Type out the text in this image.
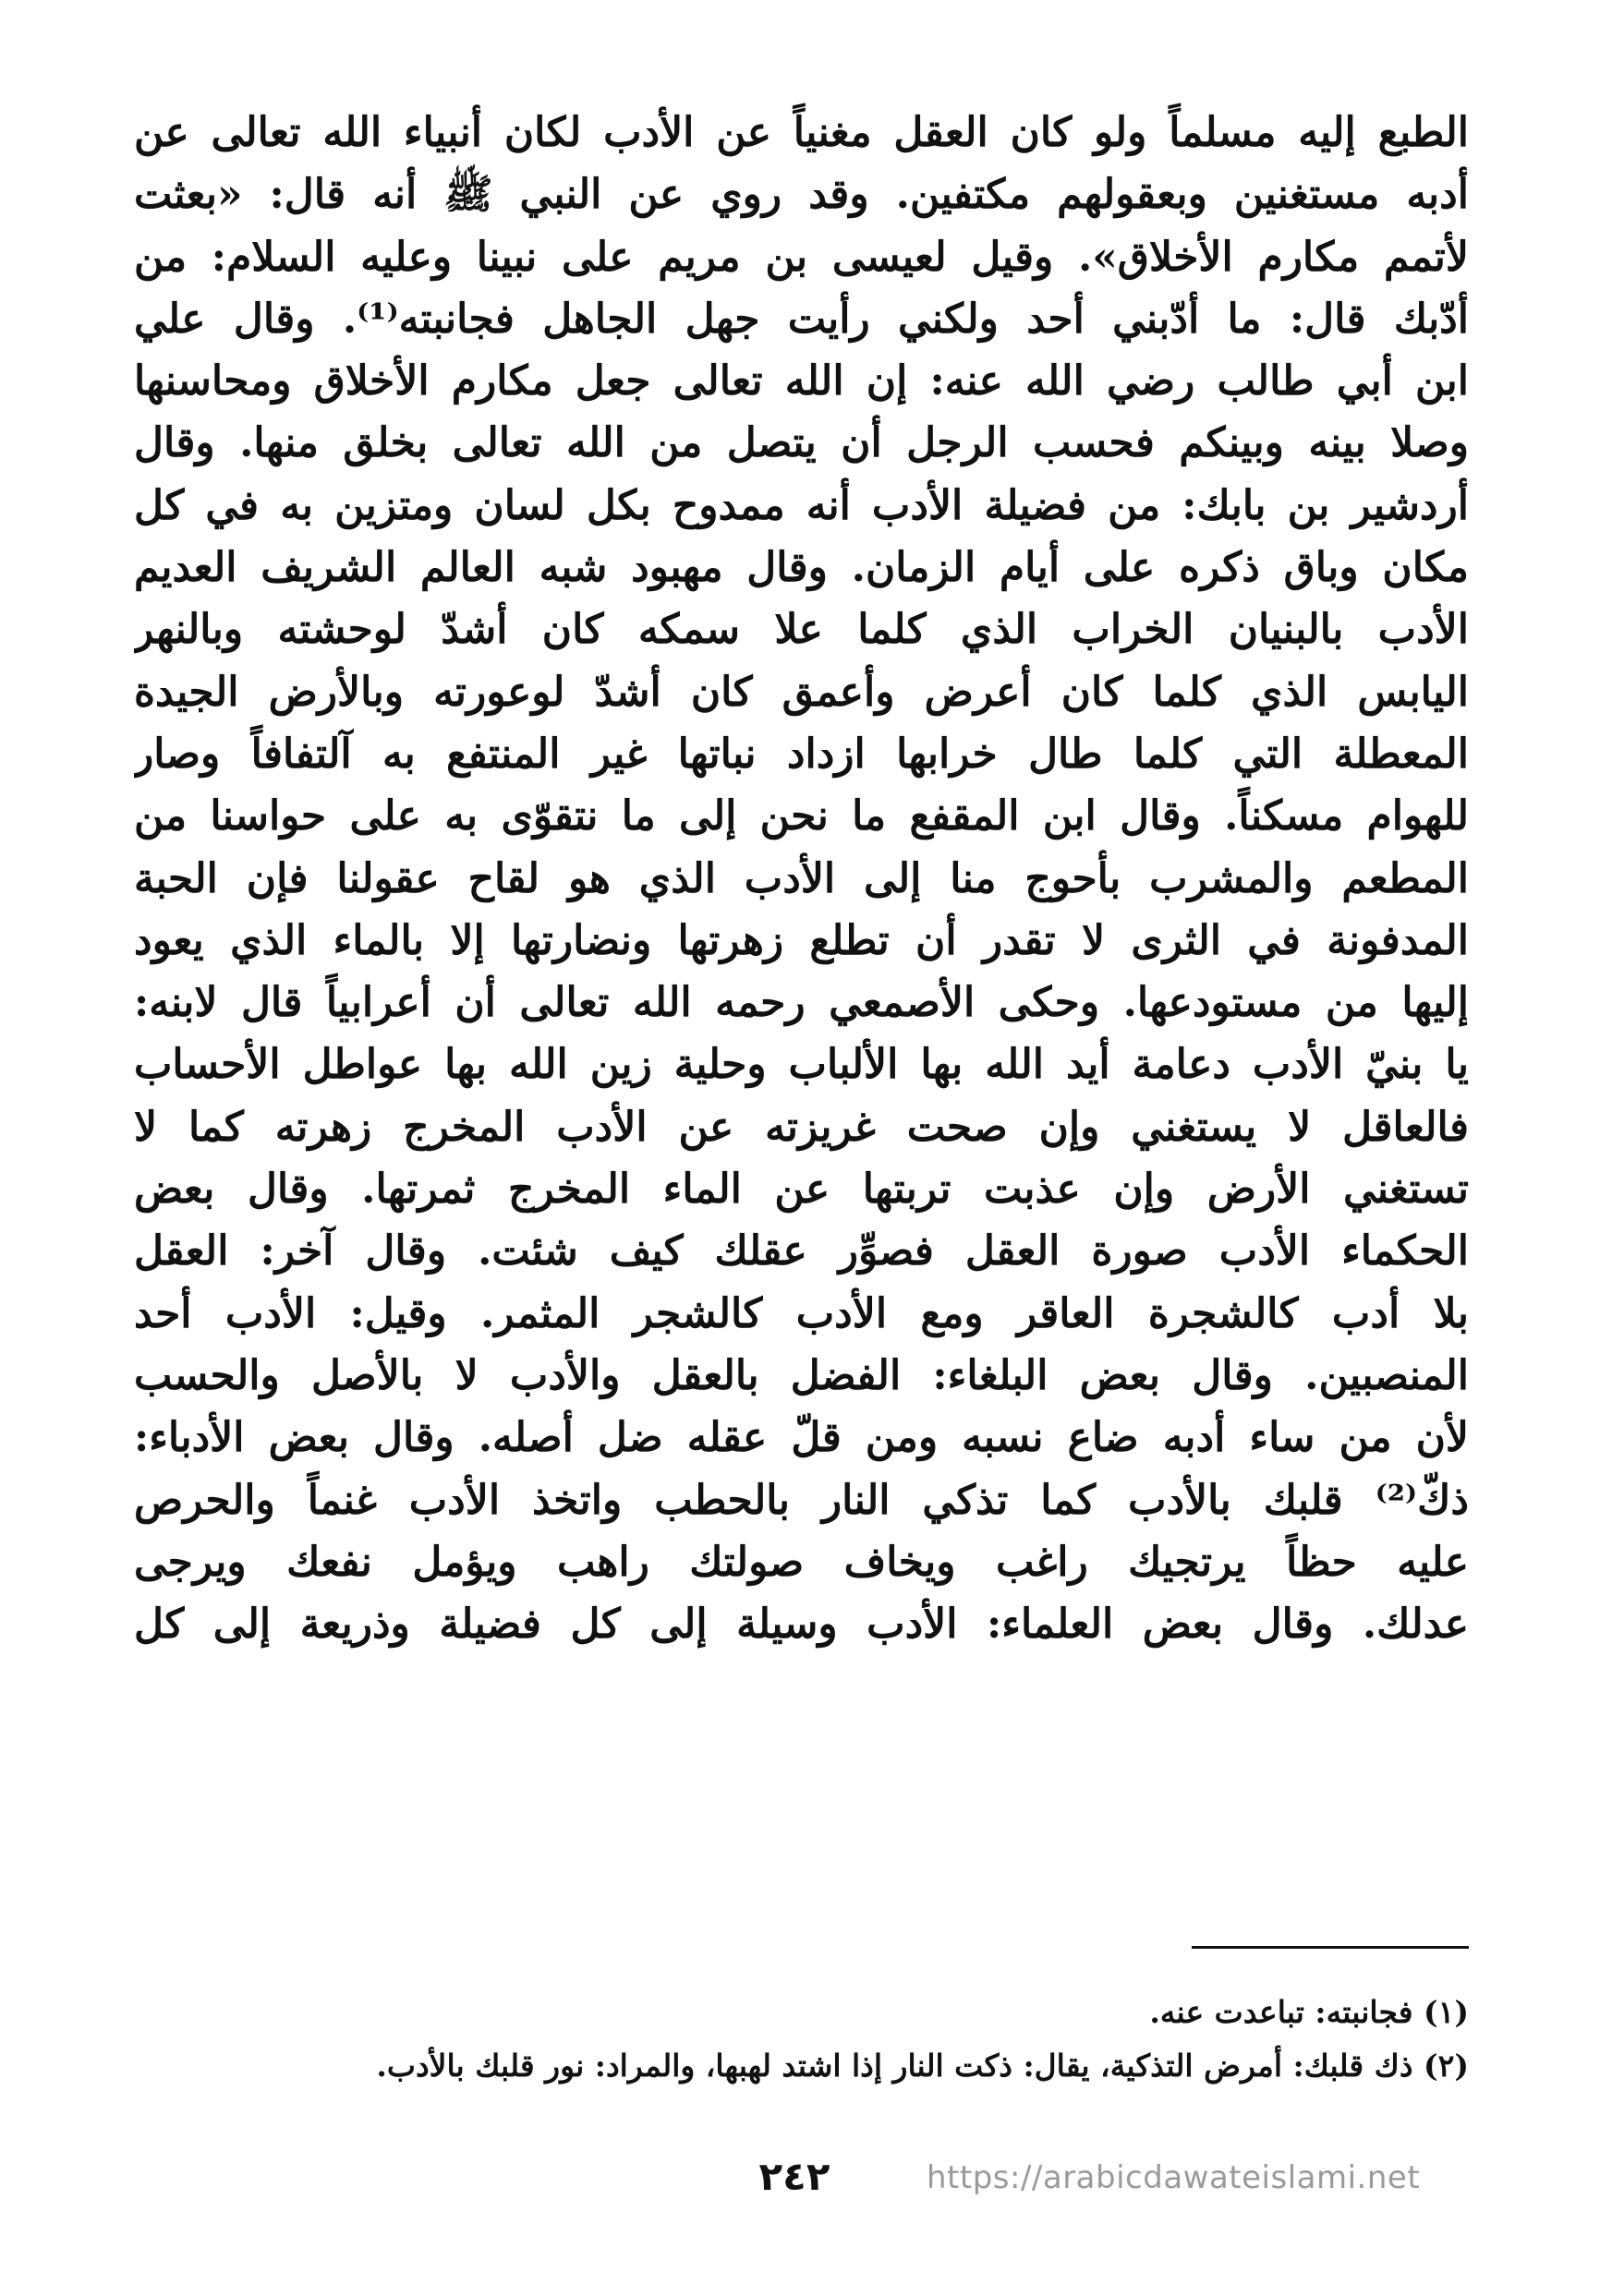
الطبع إليه مسلماً ولو كان العقل مغنياً عن الأدب لكان أنبياء الله تعالى عن
أدبه مستغنين وبعقولهم مكتفين. وقد روي عن النبي ﷺ أنه قال: «بعثت
لأتمم مكارم الأخلاق». وقيل لعيسى بن مريم على نبينا وعليه السلام: من
أدّبك قال: ما أدّبني أحد ولكني رأيت جهل الجاهل فجانبته⁽¹⁾. وقال علي
ابن أبي طالب رضي الله عنه: إن الله تعالى جعل مكارم الأخلاق ومحاسنها
وصلا بينه وبينكم فحسب الرجل أن يتصل من الله تعالى بخلق منها. وقال
أردشير بن بابك: من فضيلة الأدب أنه ممدوح بكل لسان ومتزين به في كل
مكان وباق ذكره على أيام الزمان. وقال مهبود شبه العالم الشريف العديم
الأدب بالبنيان الخراب الذي كلما علا سمكه كان أشدّ لوحشته وبالنهر
اليابس الذي كلما كان أعرض وأعمق كان أشدّ لوعورته وبالأرض الجيدة
المعطلة التي كلما طال خرابها ازداد نباتها غير المنتفع به آلتفافاً وصار
للهوام مسكناً. وقال ابن المقفع ما نحن إلى ما نتقوّى به على حواسنا من
المطعم والمشرب بأحوج منا إلى الأدب الذي هو لقاح عقولنا فإن الحبة
المدفونة في الثرى لا تقدر أن تطلع زهرتها ونضارتها إلا بالماء الذي يعود
إليها من مستودعها. وحكى الأصمعي رحمه الله تعالى أن أعرابياً قال لابنه:
يا بنيّ الأدب دعامة أيد الله بها الألباب وحلية زين الله بها عواطل الأحساب
فالعاقل لا يستغني وإن صحت غريزته عن الأدب المخرج زهرته كما لا
تستغني الأرض وإن عذبت تربتها عن الماء المخرج ثمرتها. وقال بعض
الحكماء الأدب صورة العقل فصوِّر عقلك كيف شئت. وقال آخر: العقل
بلا أدب كالشجرة العاقر ومع الأدب كالشجر المثمر. وقيل: الأدب أحد
المنصبين. وقال بعض البلغاء: الفضل بالعقل والأدب لا بالأصل والحسب
لأن من ساء أدبه ضاع نسبه ومن قلّ عقله ضل أصله. وقال بعض الأدباء:
ذكّ⁽²⁾ قلبك بالأدب كما تذكي النار بالحطب واتخذ الأدب غنماً والحرص
عليه حظاً يرتجيك راغب ويخاف صولتك راهب ويؤمل نفعك ويرجى
عدلك. وقال بعض العلماء: الأدب وسيلة إلى كل فضيلة وذريعة إلى كل
(١) فجانبته: تباعدت عنه.
(٢) ذك قلبك: أمرض التذكية، يقال: ذكت النار إذا اشتد لهبها، والمراد: نور قلبك بالأدب.
٢٤٢	https://arabicdawateislami.net
